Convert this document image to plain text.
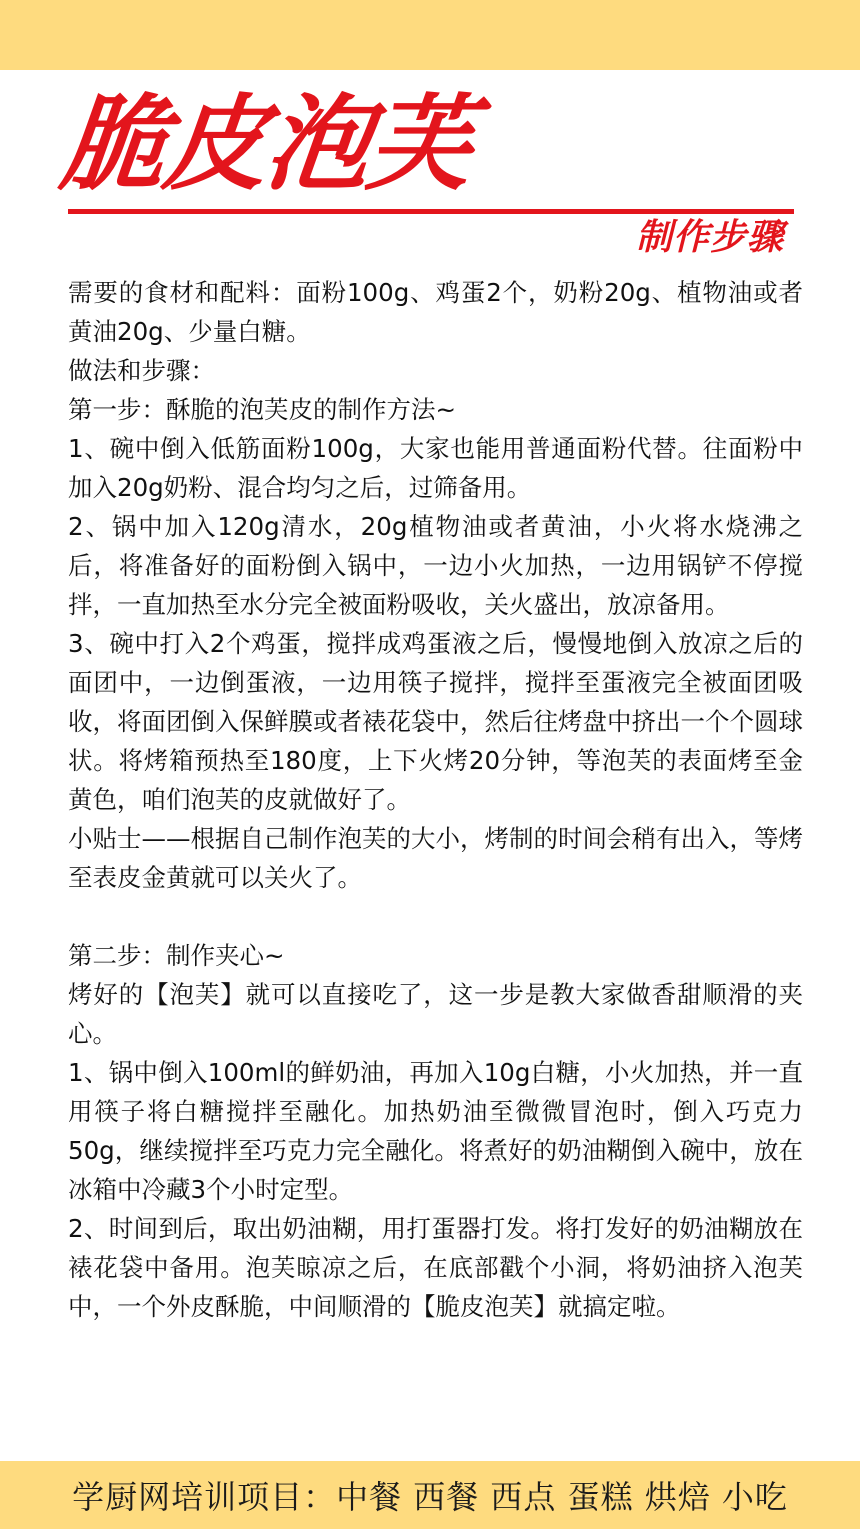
脆皮泡芙
制作步骤

需要的食材和配料：面粉100g、鸡蛋2个，奶粉20g、植物油或者黄油20g、少量白糖。

做法和步骤：

第一步：酥脆的泡芙皮的制作方法~

1、碗中倒入低筋面粉100g，大家也能用普通面粉代替。往面粉中加入20g奶粉、混合均匀之后，过筛备用。

2、锅中加入120g清水，20g植物油或者黄油，小火将水烧沸之后，将准备好的面粉倒入锅中，一边小火加热，一边用锅铲不停搅拌，一直加热至水分完全被面粉吸收，关火盛出，放凉备用。

3、碗中打入2个鸡蛋，搅拌成鸡蛋液之后，慢慢地倒入放凉之后的面团中，一边倒蛋液，一边用筷子搅拌，搅拌至蛋液完全被面团吸收，将面团倒入保鲜膜或者裱花袋中，然后往烤盘中挤出一个个圆球状。将烤箱预热至180度，上下火烤20分钟，等泡芙的表面烤至金黄色，咱们泡芙的皮就做好了。

小贴士——根据自己制作泡芙的大小，烤制的时间会稍有出入，等烤至表皮金黄就可以关火了。

第二步：制作夹心~

烤好的【泡芙】就可以直接吃了，这一步是教大家做香甜顺滑的夹心。

1、锅中倒入100ml的鲜奶油，再加入10g白糖，小火加热，并一直用筷子将白糖搅拌至融化。加热奶油至微微冒泡时，倒入巧克力50g，继续搅拌至巧克力完全融化。将煮好的奶油糊倒入碗中，放在冰箱中冷藏3个小时定型。

2、时间到后，取出奶油糊，用打蛋器打发。将打发好的奶油糊放在裱花袋中备用。泡芙晾凉之后，在底部戳个小洞，将奶油挤入泡芙中，一个外皮酥脆，中间顺滑的【脆皮泡芙】就搞定啦。

学厨网培训项目：中餐 西餐 西点 蛋糕 烘焙 小吃
